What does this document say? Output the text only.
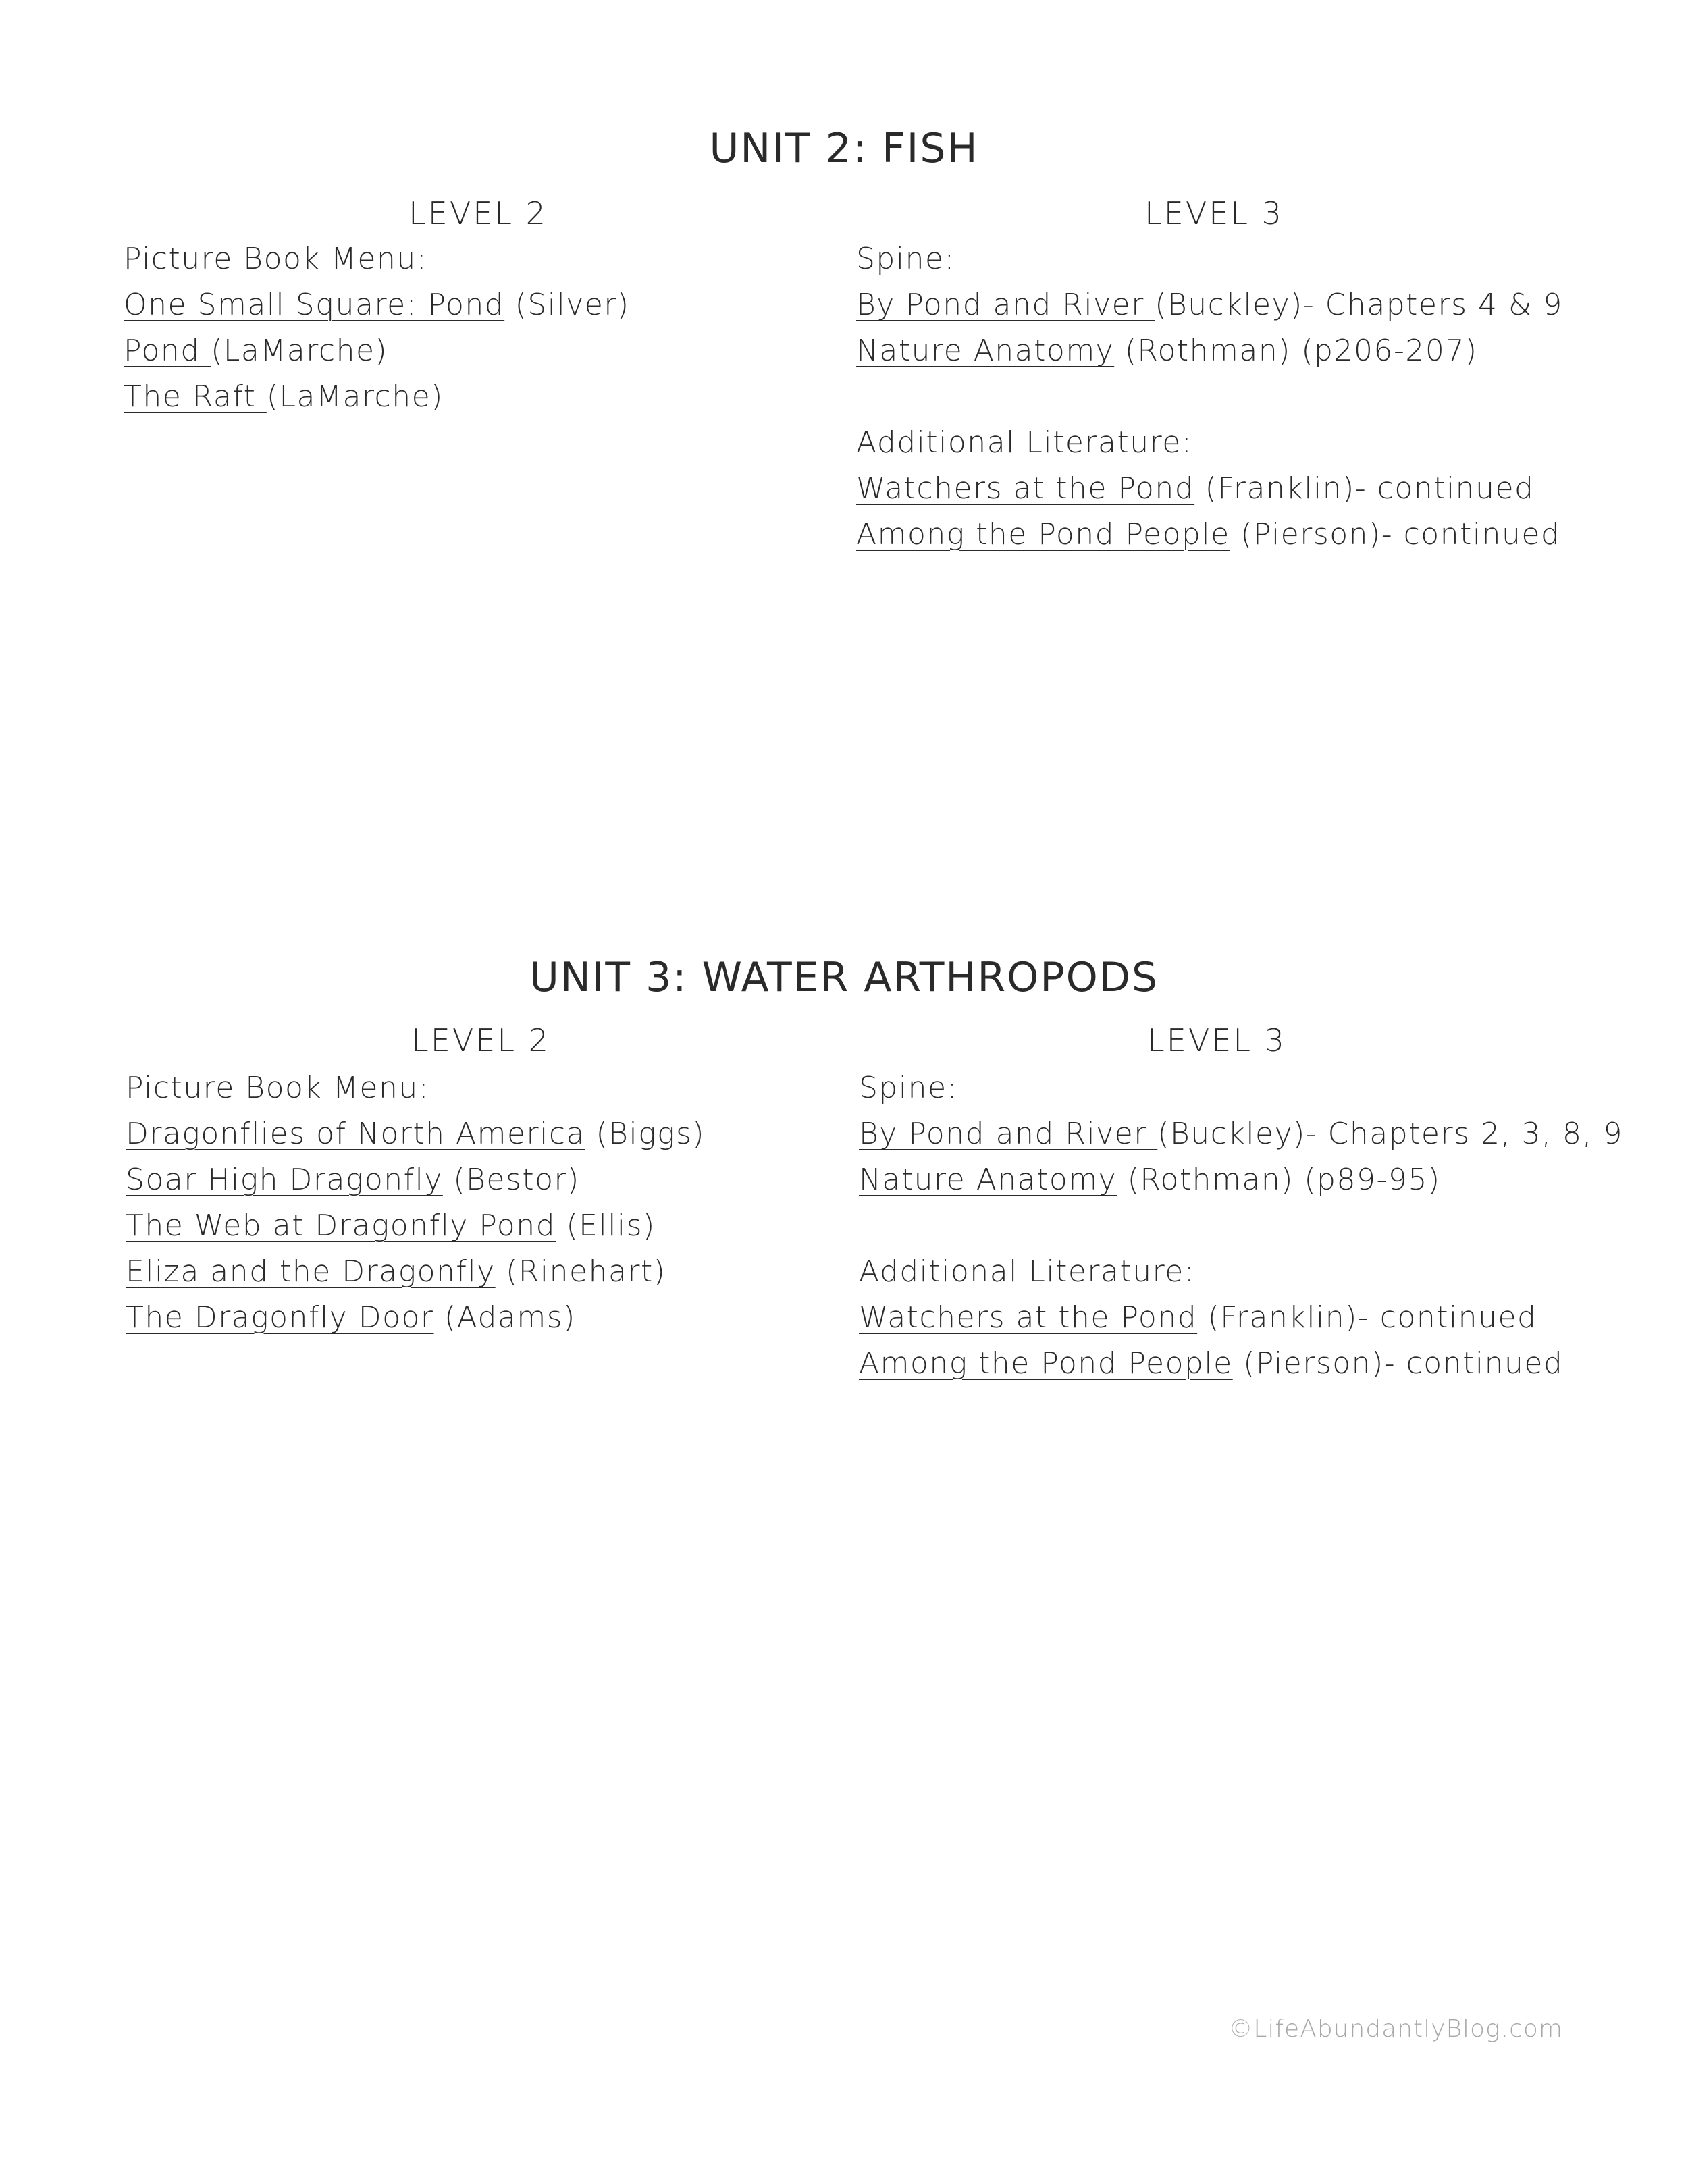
UNIT 2: FISH
LEVEL 2	LEVEL 3
Picture Book Menu:
One Small Square: Pond (Silver)
Pond (LaMarche)
The Raft (LaMarche)
Spine:
By Pond and River (Buckley)- Chapters 4 & 9
Nature Anatomy (Rothman) (p206-207)
Additional Literature:
Watchers at the Pond (Franklin)- continued
Among the Pond People (Pierson)- continued
UNIT 3: WATER ARTHROPODS
LEVEL 2	LEVEL 3
Picture Book Menu:
Dragonflies of North America (Biggs)
Soar High Dragonfly (Bestor)
The Web at Dragonfly Pond (Ellis)
Eliza and the Dragonfly (Rinehart)
The Dragonfly Door (Adams)
Spine:
By Pond and River (Buckley)- Chapters 2, 3, 8, 9
Nature Anatomy (Rothman) (p89-95)
Additional Literature:
Watchers at the Pond (Franklin)- continued
Among the Pond People (Pierson)- continued
©LifeAbundantlyBlog.com
